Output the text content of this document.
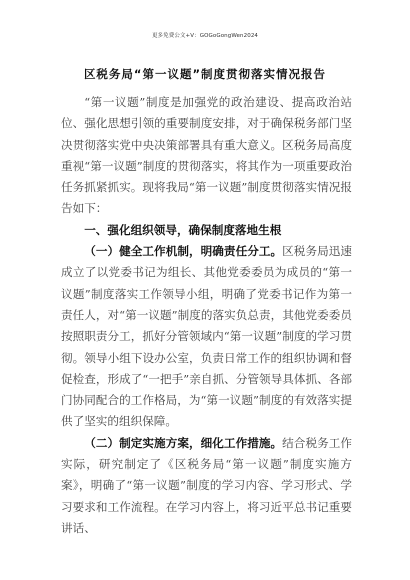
更多免费公文+V：GOGoGongWen2024
区税务局“第一议题”制度贯彻落实情况报告

“第一议题”制度是加强党的政治建设、提高政治站位、强化思想引领的重要制度安排，对于确保税务部门坚决贯彻落实党中央决策部署具有重大意义。区税务局高度重视“第一议题”制度的贯彻落实，将其作为一项重要政治任务抓紧抓实。现将我局“第一议题”制度贯彻落实情况报告如下：

一、强化组织领导，确保制度落地生根

（一）健全工作机制，明确责任分工。区税务局迅速成立了以党委书记为组长、其他党委委员为成员的“第一议题”制度落实工作领导小组，明确了党委书记作为第一责任人，对“第一议题”制度的落实负总责，其他党委委员按照职责分工，抓好分管领域内“第一议题”制度的学习贯彻。领导小组下设办公室，负责日常工作的组织协调和督促检查，形成了“一把手”亲自抓、分管领导具体抓、各部门协同配合的工作格局，为“第一议题”制度的有效落实提供了坚实的组织保障。

（二）制定实施方案，细化工作措施。结合税务工作实际，研究制定了《区税务局“第一议题”制度实施方案》，明确了“第一议题”制度的学习内容、学习形式、学习要求和工作流程。在学习内容上，将习近平总书记重要讲话、
